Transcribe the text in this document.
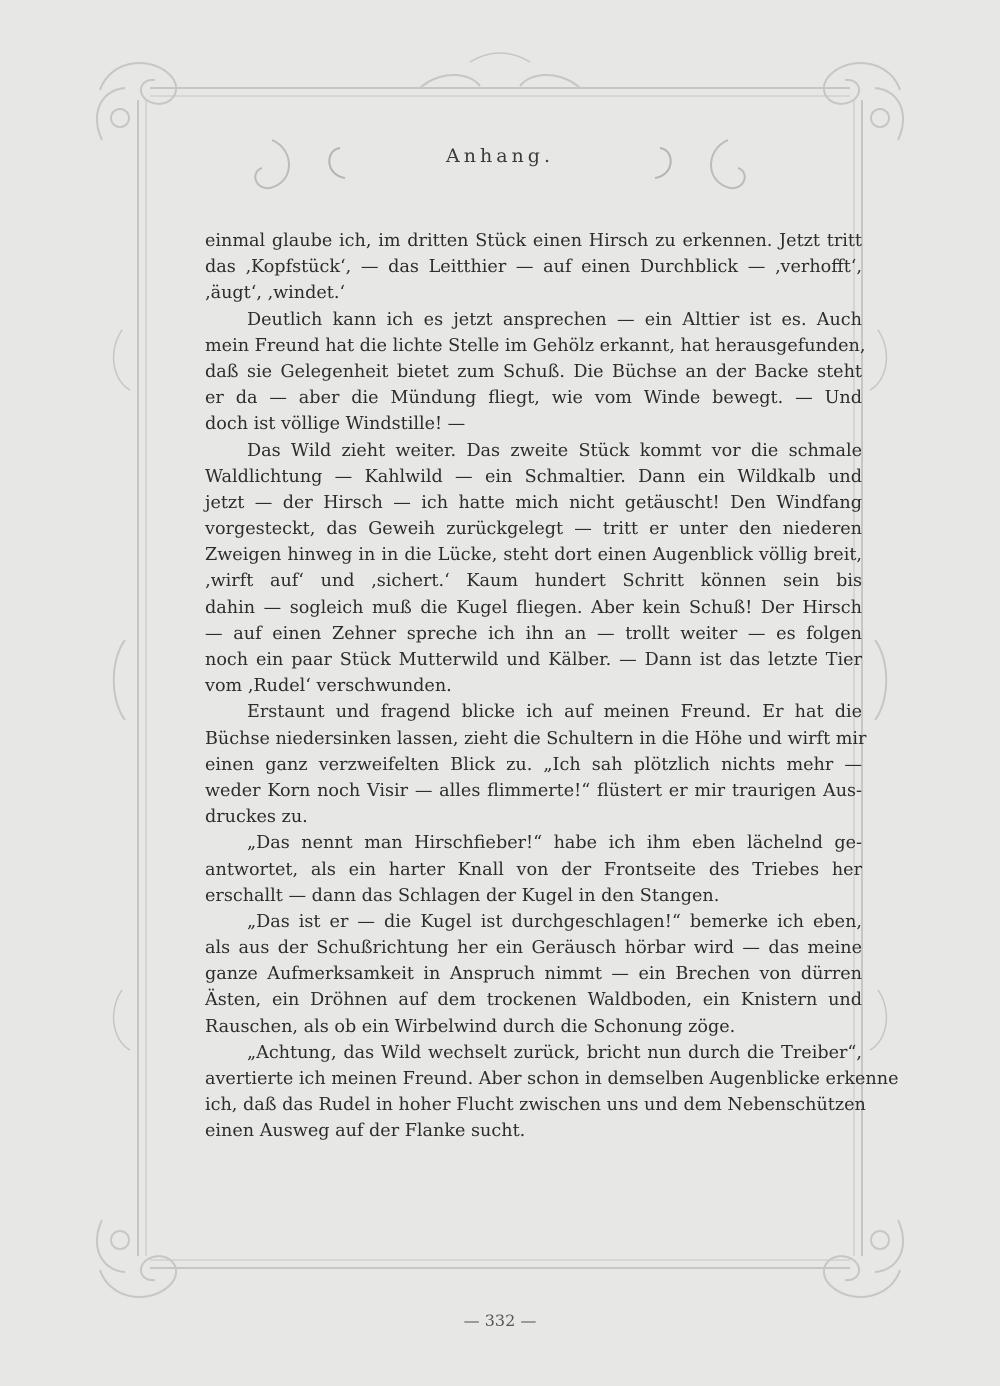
Anhang.
einmal glaube ich, im dritten Stück einen Hirsch zu erkennen. Jetzt tritt
das ‚Kopfstück‘, — das Leitthier — auf einen Durchblick — ‚verhofft‘,
‚äugt‘, ‚windet.‘
Deutlich kann ich es jetzt ansprechen — ein Alttier ist es. Auch
mein Freund hat die lichte Stelle im Gehölz erkannt, hat herausgefunden,
daß sie Gelegenheit bietet zum Schuß. Die Büchse an der Backe steht
er da — aber die Mündung fliegt, wie vom Winde bewegt. — Und
doch ist völlige Windstille! —
Das Wild zieht weiter. Das zweite Stück kommt vor die schmale
Waldlichtung — Kahlwild — ein Schmaltier. Dann ein Wildkalb und
jetzt — der Hirsch — ich hatte mich nicht getäuscht! Den Windfang
vorgesteckt, das Geweih zurückgelegt — tritt er unter den niederen
Zweigen hinweg in in die Lücke, steht dort einen Augenblick völlig breit,
‚wirft auf‘ und ‚sichert.‘ Kaum hundert Schritt können sein bis
dahin — sogleich muß die Kugel fliegen. Aber kein Schuß! Der Hirsch
— auf einen Zehner spreche ich ihn an — trollt weiter — es folgen
noch ein paar Stück Mutterwild und Kälber. — Dann ist das letzte Tier
vom ‚Rudel‘ verschwunden.
Erstaunt und fragend blicke ich auf meinen Freund. Er hat die
Büchse niedersinken lassen, zieht die Schultern in die Höhe und wirft mir
einen ganz verzweifelten Blick zu. „Ich sah plötzlich nichts mehr —
weder Korn noch Visir — alles flimmerte!“ flüstert er mir traurigen Aus-
druckes zu.
„Das nennt man Hirschfieber!“ habe ich ihm eben lächelnd ge-
antwortet, als ein harter Knall von der Frontseite des Triebes her
erschallt — dann das Schlagen der Kugel in den Stangen.
„Das ist er — die Kugel ist durchgeschlagen!“ bemerke ich eben,
als aus der Schußrichtung her ein Geräusch hörbar wird — das meine
ganze Aufmerksamkeit in Anspruch nimmt — ein Brechen von dürren
Ästen, ein Dröhnen auf dem trockenen Waldboden, ein Knistern und
Rauschen, als ob ein Wirbelwind durch die Schonung zöge.
„Achtung, das Wild wechselt zurück, bricht nun durch die Treiber“,
avertierte ich meinen Freund. Aber schon in demselben Augenblicke erkenne
ich, daß das Rudel in hoher Flucht zwischen uns und dem Nebenschützen
einen Ausweg auf der Flanke sucht.
— 332 —
